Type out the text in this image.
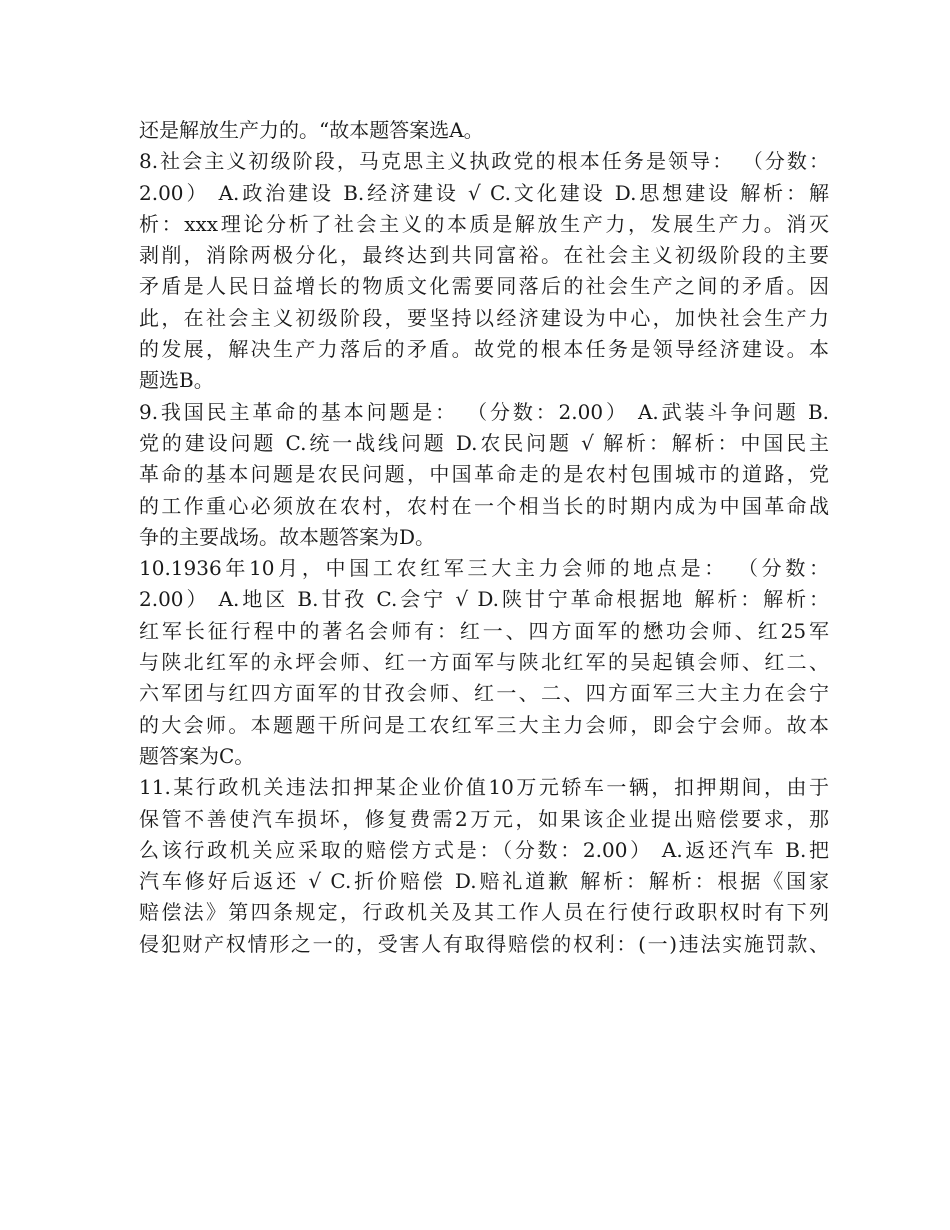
还是解放生产力的。“故本题答案选A。
8.社会主义初级阶段，马克思主义执政党的根本任务是领导： （分数：
2.00） A.政治建设 B.经济建设 √ C.文化建设 D.思想建设 解析：解
析：xxx理论分析了社会主义的本质是解放生产力，发展生产力。消灭
剥削，消除两极分化，最终达到共同富裕。在社会主义初级阶段的主要
矛盾是人民日益增长的物质文化需要同落后的社会生产之间的矛盾。因
此，在社会主义初级阶段，要坚持以经济建设为中心，加快社会生产力
的发展，解决生产力落后的矛盾。故党的根本任务是领导经济建设。本
题选B。
9.我国民主革命的基本问题是： （分数：2.00） A.武装斗争问题 B.
党的建设问题 C.统一战线问题 D.农民问题 √ 解析：解析：中国民主
革命的基本问题是农民问题，中国革命走的是农村包围城市的道路，党
的工作重心必须放在农村，农村在一个相当长的时期内成为中国革命战
争的主要战场。故本题答案为D。
10.1936年10月，中国工农红军三大主力会师的地点是： （分数：
2.00） A.地区 B.甘孜 C.会宁 √ D.陕甘宁革命根据地 解析：解析：
红军长征行程中的著名会师有：红一、四方面军的懋功会师、红25军
与陕北红军的永坪会师、红一方面军与陕北红军的吴起镇会师、红二、
六军团与红四方面军的甘孜会师、红一、二、四方面军三大主力在会宁
的大会师。本题题干所问是工农红军三大主力会师，即会宁会师。故本
题答案为C。
11.某行政机关违法扣押某企业价值10万元轿车一辆，扣押期间，由于
保管不善使汽车损坏，修复费需2万元，如果该企业提出赔偿要求，那
么该行政机关应采取的赔偿方式是：（分数：2.00） A.返还汽车 B.把
汽车修好后返还 √ C.折价赔偿 D.赔礼道歉 解析：解析：根据《国家
赔偿法》第四条规定，行政机关及其工作人员在行使行政职权时有下列
侵犯财产权情形之一的，受害人有取得赔偿的权利：(一)违法实施罚款、
